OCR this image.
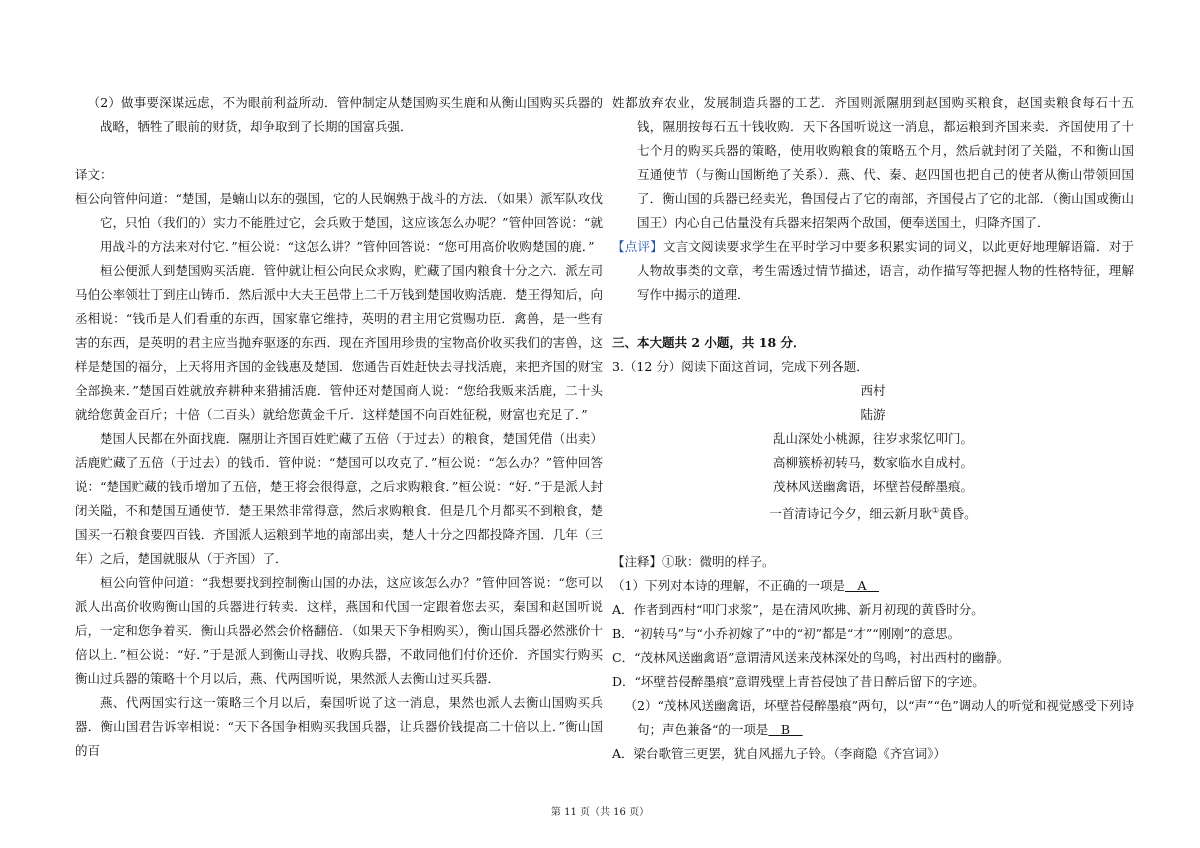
（2）做事要深谋远虑，不为眼前利益所动．管仲制定从楚国购买生鹿和从衡山国购买兵器的战略，牺牲了眼前的财货，却争取到了长期的国富兵强．

译文：

桓公向管仲问道：“楚国，是蝻山以东的强国，它的人民娴熟于战斗的方法．（如果）派军队攻伐它，只怕（我们的）实力不能胜过它，会兵败于楚国，这应该怎么办呢？”管仲回答说：“就用战斗的方法来对付它．”桓公说：“这怎么讲？”管仲回答说：“您可用高价收购楚国的鹿．”

桓公便派人到楚国购买活鹿．管仲就让桓公向民众求购，贮藏了国内粮食十分之六．派左司马伯公率领壮丁到庄山铸币．然后派中大夫王邑带上二千万钱到楚国收购活鹿．楚王得知后，向丞相说：“钱币是人们看重的东西，国家靠它维持，英明的君主用它赏赐功臣．禽兽，是一些有害的东西，是英明的君主应当抛弃驱逐的东西．现在齐国用珍贵的宝物高价收买我们的害兽，这样是楚国的福分，上天将用齐国的金钱惠及楚国．您通告百姓赶快去寻找活鹿，来把齐国的财宝全部换来．”楚国百姓就放弃耕种来猎捕活鹿．管仲还对楚国商人说：“您给我贩来活鹿，二十头就给您黄金百斤；十倍（二百头）就给您黄金千斤．这样楚国不向百姓征税，财富也充足了．”

楚国人民都在外面找鹿．隰朋让齐国百姓贮藏了五倍（于过去）的粮食，楚国凭借（出卖）活鹿贮藏了五倍（于过去）的钱币．管仲说：“楚国可以攻克了．”桓公说：“怎么办？”管仲回答说：“楚国贮藏的钱币增加了五倍，楚王将会很得意，之后求购粮食．”桓公说：“好．”于是派人封闭关隘，不和楚国互通使节．楚王果然非常得意，然后求购粮食．但是几个月都买不到粮食，楚国买一石粮食要四百钱．齐国派人运粮到芊地的南部出卖，楚人十分之四都投降齐国．几年（三年）之后，楚国就服从（于齐国）了．

桓公向管仲问道：“我想要找到控制衡山国的办法，这应该怎么办？”管仲回答说：“您可以派人出高价收购衡山国的兵器进行转卖．这样，燕国和代国一定跟着您去买，秦国和赵国听说后，一定和您争着买．衡山兵器必然会价格翻倍．（如果天下争相购买），衡山国兵器必然涨价十倍以上．”桓公说：“好．”于是派人到衡山寻找、收购兵器，不敢同他们付价还价．齐国实行购买衡山过兵器的策略十个月以后，燕、代两国听说，果然派人去衡山过买兵器．

燕、代两国实行这一策略三个月以后，秦国听说了这一消息，果然也派人去衡山国购买兵器．衡山国君告诉宰相说：“天下各国争相购买我国兵器，让兵器价钱提高二十倍以上．”衡山国的百

姓都放弃农业，发展制造兵器的工艺．齐国则派隰朋到赵国购买粮食，赵国卖粮食每石十五钱，隰朋按每石五十钱收购．天下各国听说这一消息，都运粮到齐国来卖．齐国使用了十七个月的购买兵器的策略，使用收购粮食的策略五个月，然后就封闭了关隘，不和衡山国互通使节（与衡山国断绝了关系）．燕、代、秦、赵四国也把自己的使者从衡山带领回国了．衡山国的兵器已经卖光，鲁国侵占了它的南部，齐国侵占了它的北部．（衡山国或衡山国王）内心自己估量没有兵器来招架两个敌国，便奉送国土，归降齐国了．

【点评】文言文阅读要求学生在平时学习中要多积累实词的词义，以此更好地理解语篇．对于人物故事类的文章，考生需透过情节描述，语言，动作描写等把握人物的性格特征，理解写作中揭示的道理．

三、本大题共 2 小题，共 18 分．

3.（12 分）阅读下面这首词，完成下列各题．

西村

陆游

乱山深处小桃源，往岁求浆忆叩门。

高柳簇桥初转马，数家临水自成村。

茂林风送幽禽语，坏壁苔侵醉墨痕。

一首清诗记今夕，细云新月耿①黄昏。

【注释】①耿：微明的样子。

（1）下列对本诗的理解，不正确的一项是　A　

A．作者到西村“叩门求浆”，是在清风吹拂、新月初现的黄昏时分。

B．“初转马”与“小乔初嫁了”中的“初”都是“才”“刚刚”的意思。

C．“茂林风送幽禽语”意谓清风送来茂林深处的鸟鸣，衬出西村的幽静。

D．“坏壁苔侵醉墨痕”意谓残壁上青苔侵蚀了昔日醉后留下的字迹。

（2）“茂林风送幽禽语，坏壁苔侵醉墨痕”两句，以“声”“色”调动人的听觉和视觉感受下列诗句；声色兼备“的一项是　B　

A．梁台歌管三更罢，犹自风摇九子铃。（李商隐《齐宫词》）

第 11 页（共 16 页）
